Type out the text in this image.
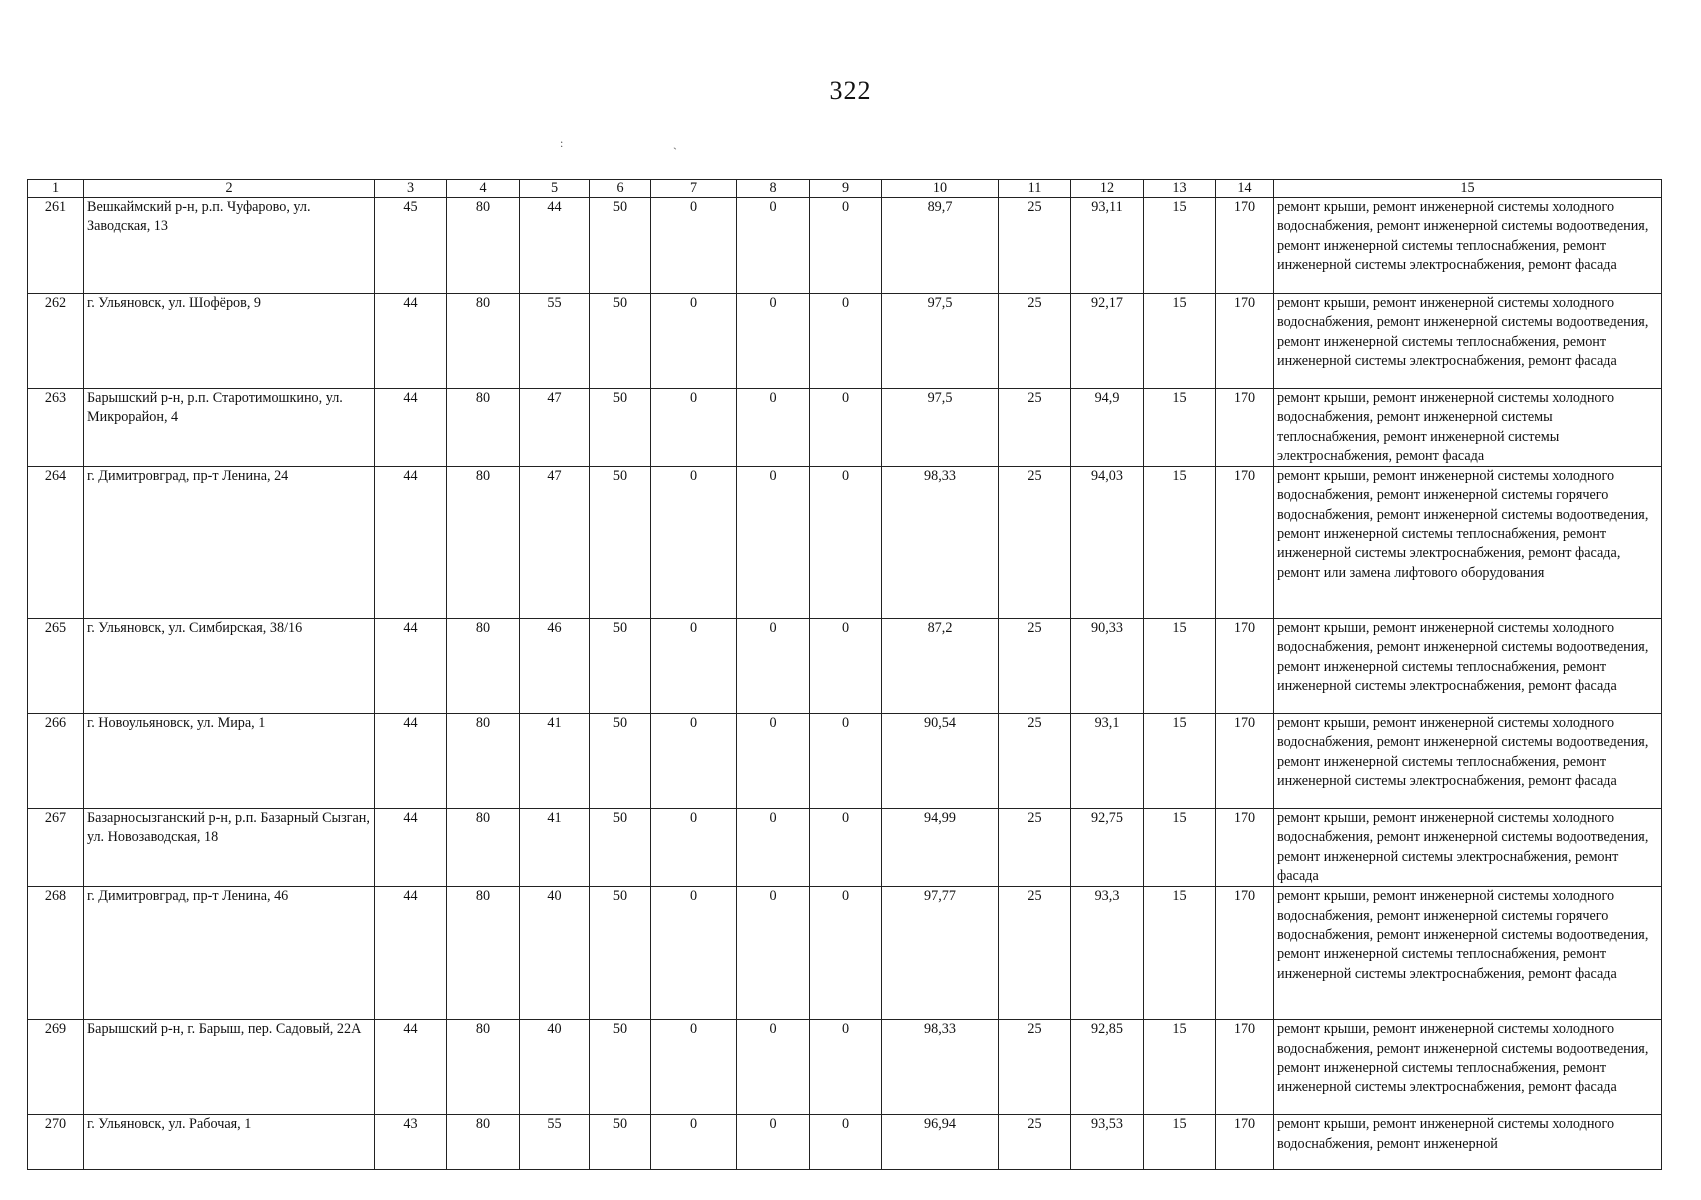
322
:	ˎ
1	2	3	4	5	6	7	8	9	10	11	12	13	14	15
261	Вешкаймский р-н, р.п. Чуфарово, ул. Заводская, 13	45	80	44	50	0	0	0	89,7	25	93,11	15	170	ремонт крыши, ремонт инженерной системы холодного водоснабжения, ремонт инженерной системы водоотведения, ремонт инженерной системы теплоснабжения, ремонт инженерной системы электроснабжения, ремонт фасада
262	г. Ульяновск, ул. Шофёров, 9	44	80	55	50	0	0	0	97,5	25	92,17	15	170	ремонт крыши, ремонт инженерной системы холодного водоснабжения, ремонт инженерной системы водоотведения, ремонт инженерной системы теплоснабжения, ремонт инженерной системы электроснабжения, ремонт фасада
263	Барышский р-н, р.п. Старотимошкино, ул. Микрорайон, 4	44	80	47	50	0	0	0	97,5	25	94,9	15	170	ремонт крыши, ремонт инженерной системы холодного водоснабжения, ремонт инженерной системы теплоснабжения, ремонт инженерной системы электроснабжения, ремонт фасада
264	г. Димитровград, пр-т Ленина, 24	44	80	47	50	0	0	0	98,33	25	94,03	15	170	ремонт крыши, ремонт инженерной системы холодного водоснабжения, ремонт инженерной системы горячего водоснабжения, ремонт инженерной системы водоотведения, ремонт инженерной системы теплоснабжения, ремонт инженерной системы электроснабжения, ремонт фасада, ремонт или замена лифтового оборудования
265	г. Ульяновск, ул. Симбирская, 38/16	44	80	46	50	0	0	0	87,2	25	90,33	15	170	ремонт крыши, ремонт инженерной системы холодного водоснабжения, ремонт инженерной системы водоотведения, ремонт инженерной системы теплоснабжения, ремонт инженерной системы электроснабжения, ремонт фасада
266	г. Новоульяновск, ул. Мира, 1	44	80	41	50	0	0	0	90,54	25	93,1	15	170	ремонт крыши, ремонт инженерной системы холодного водоснабжения, ремонт инженерной системы водоотведения, ремонт инженерной системы теплоснабжения, ремонт инженерной системы электроснабжения, ремонт фасада
267	Базарносызганский р-н, р.п. Базарный Сызган, ул. Новозаводская, 18	44	80	41	50	0	0	0	94,99	25	92,75	15	170	ремонт крыши, ремонт инженерной системы холодного водоснабжения, ремонт инженерной системы водоотведения, ремонт инженерной системы электроснабжения, ремонт фасада
268	г. Димитровград, пр-т Ленина, 46	44	80	40	50	0	0	0	97,77	25	93,3	15	170	ремонт крыши, ремонт инженерной системы холодного водоснабжения, ремонт инженерной системы горячего водоснабжения, ремонт инженерной системы водоотведения, ремонт инженерной системы теплоснабжения, ремонт инженерной системы электроснабжения, ремонт фасада
269	Барышский р-н, г. Барыш, пер. Садовый, 22А	44	80	40	50	0	0	0	98,33	25	92,85	15	170	ремонт крыши, ремонт инженерной системы холодного водоснабжения, ремонт инженерной системы водоотведения, ремонт инженерной системы теплоснабжения, ремонт инженерной системы электроснабжения, ремонт фасада
270	г. Ульяновск, ул. Рабочая, 1	43	80	55	50	0	0	0	96,94	25	93,53	15	170	ремонт крыши, ремонт инженерной системы холодного водоснабжения, ремонт инженерной
